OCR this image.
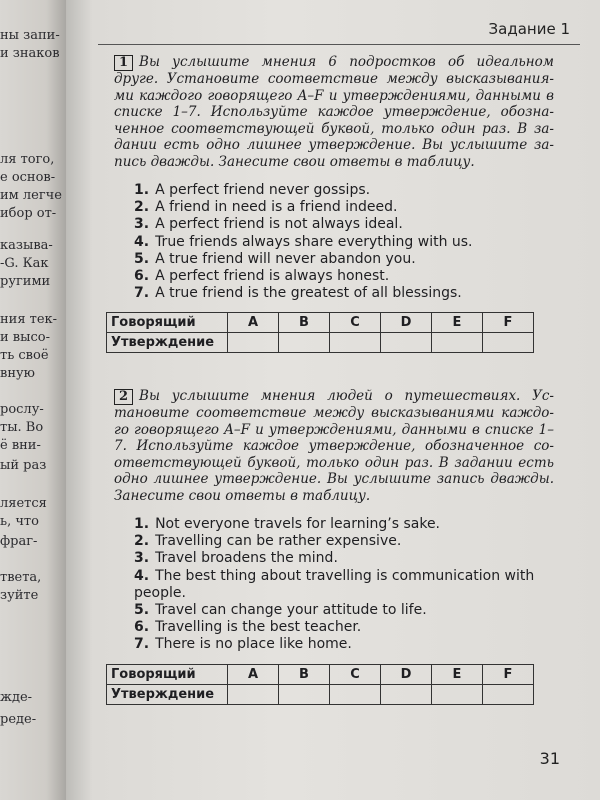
ны запи-
и знаков
ля того,
е основ-
им легче
ибор от-
казыва-
-G. Как
ругими
ния тек-
и высо-
ть своё
вную
рослу-
ты. Во
ё вни-
ый раз
ляется
ь, что
фраг-
твета,
зуйте
жде-
реде-
Задание 1

1 Вы услышите мнения 6 подростков об идеальном друге. Установите соответствие между высказывания-ми каждого говорящего A–F и утверждениями, данными в списке 1–7. Используйте каждое утверждение, обозна-ченное соответствующей буквой, только один раз. В за-дании есть одно лишнее утверждение. Вы услышите за-пись дважды. Занесите свои ответы в таблицу.

1. A perfect friend never gossips.
2. A friend in need is a friend indeed.
3. A perfect friend is not always ideal.
4. True friends always share everything with us.
5. A true friend will never abandon you.
6. A perfect friend is always honest.
7. A true friend is the greatest of all blessings.
Говорящий	A	B	C	D	E	F
Утверждение						

2 Вы услышите мнения людей о путешествиях. Ус-тановите соответствие между высказываниями каждо-го говорящего A–F и утверждениями, данными в списке 1–7. Используйте каждое утверждение, обозначенное со-ответствующей буквой, только один раз. В задании есть одно лишнее утверждение. Вы услышите запись дважды. Занесите свои ответы в таблицу.

1. Not everyone travels for learning’s sake.
2. Travelling can be rather expensive.
3. Travel broadens the mind.
4. The best thing about travelling is communication with people.
5. Travel can change your attitude to life.
6. Travelling is the best teacher.
7. There is no place like home.
Говорящий	A	B	C	D	E	F
Утверждение						
31
